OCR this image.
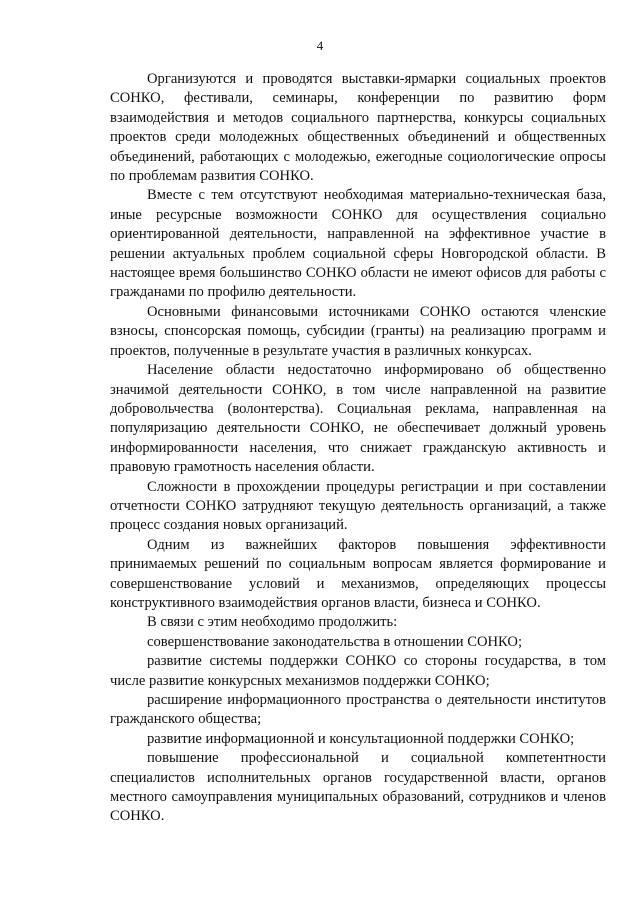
4

Организуются и проводятся выставки-ярмарки социальных проектов СОНКО, фестивали, семинары, конференции по развитию форм взаимодействия и методов социального партнерства, конкурсы социальных проектов среди молодежных общественных объединений и общественных объединений, работающих с молодежью, ежегодные социологические опросы по проблемам развития СОНКО.

Вместе с тем отсутствуют необходимая материально-техническая база, иные ресурсные возможности СОНКО для осуществления социально ориентированной деятельности, направленной на эффективное участие в решении актуальных проблем социальной сферы Новгородской области. В настоящее время большинство СОНКО области не имеют офисов для работы с гражданами по профилю деятельности.

Основными финансовыми источниками СОНКО остаются членские взносы, спонсорская помощь, субсидии (гранты) на реализацию программ и проектов, полученные в результате участия в различных конкурсах.

Население области недостаточно информировано об общественно значимой деятельности СОНКО, в том числе направленной на развитие добровольчества (волонтерства). Социальная реклама, направленная на популяризацию деятельности СОНКО, не обеспечивает должный уровень информированности населения, что снижает гражданскую активность и правовую грамотность населения области.

Сложности в прохождении процедуры регистрации и при составлении отчетности СОНКО затрудняют текущую деятельность организаций, а также процесс создания новых организаций.

Одним из важнейших факторов повышения эффективности принимаемых решений по социальным вопросам является формирование и совершенствование условий и механизмов, определяющих процессы конструктивного взаимодействия органов власти, бизнеса и СОНКО.

В связи с этим необходимо продолжить:

совершенствование законодательства в отношении СОНКО;

развитие системы поддержки СОНКО со стороны государства, в том числе развитие конкурсных механизмов поддержки СОНКО;

расширение информационного пространства о деятельности институтов гражданского общества;

развитие информационной и консультационной поддержки СОНКО;

повышение профессиональной и социальной компетентности специалистов исполнительных органов государственной власти, органов местного самоуправления муниципальных образований, сотрудников и членов СОНКО.
